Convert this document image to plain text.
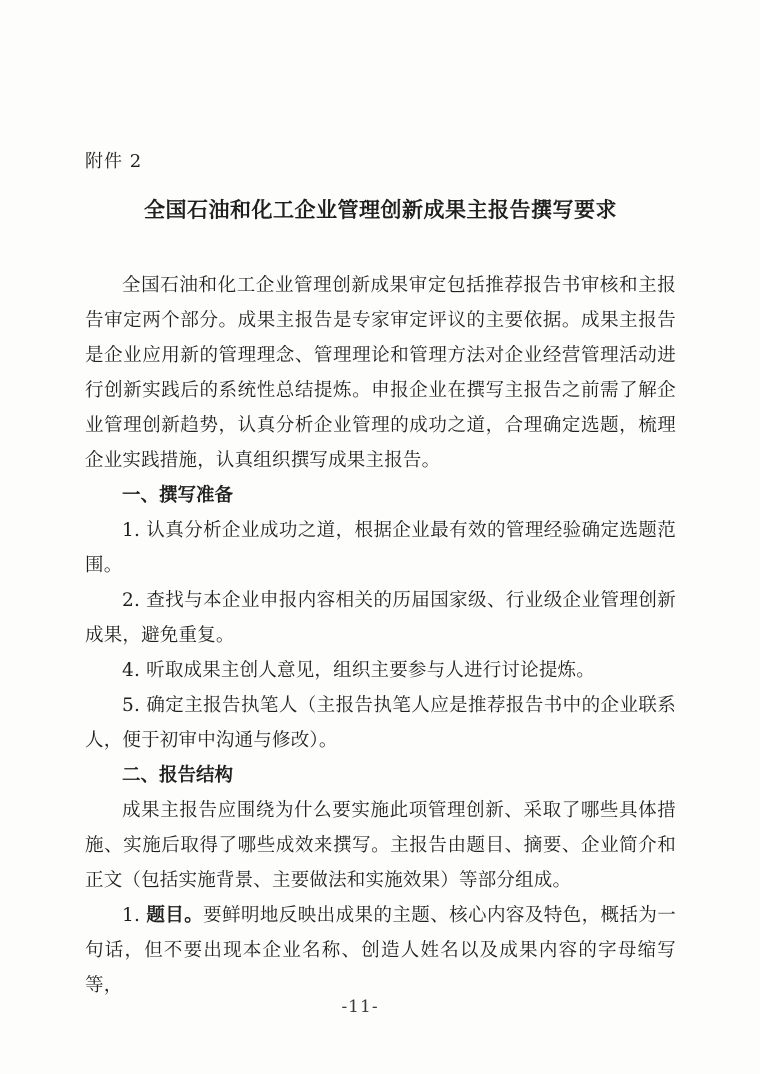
附件 2
全国石油和化工企业管理创新成果主报告撰写要求

全国石油和化工企业管理创新成果审定包括推荐报告书审核和主报告审定两个部分。成果主报告是专家审定评议的主要依据。成果主报告是企业应用新的管理理念、管理理论和管理方法对企业经营管理活动进行创新实践后的系统性总结提炼。申报企业在撰写主报告之前需了解企业管理创新趋势，认真分析企业管理的成功之道，合理确定选题，梳理企业实践措施，认真组织撰写成果主报告。

一、撰写准备

1. 认真分析企业成功之道，根据企业最有效的管理经验确定选题范围。

2. 查找与本企业申报内容相关的历届国家级、行业级企业管理创新成果，避免重复。

4. 听取成果主创人意见，组织主要参与人进行讨论提炼。

5. 确定主报告执笔人（主报告执笔人应是推荐报告书中的企业联系人，便于初审中沟通与修改）。

二、报告结构

成果主报告应围绕为什么要实施此项管理创新、采取了哪些具体措施、实施后取得了哪些成效来撰写。主报告由题目、摘要、企业简介和正文（包括实施背景、主要做法和实施效果）等部分组成。

1. 题目。要鲜明地反映出成果的主题、核心内容及特色，概括为一句话，但不要出现本企业名称、创造人姓名以及成果内容的字母缩写等，

-11-
